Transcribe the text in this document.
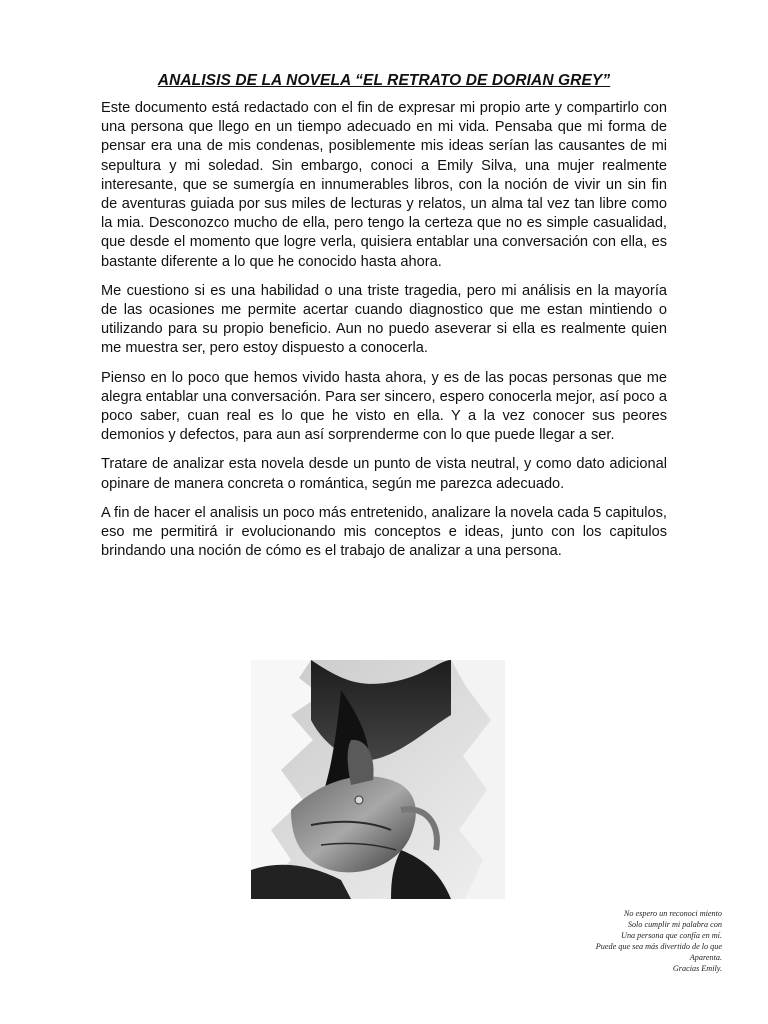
ANALISIS DE LA NOVELA “EL RETRATO DE DORIAN GREY”

Este documento está redactado con el fin de expresar mi propio arte y compartirlo con una persona que llego en un tiempo adecuado en mi vida. Pensaba que mi forma de pensar era una de mis condenas, posiblemente mis ideas serían las causantes de mi sepultura y mi soledad. Sin embargo, conoci a Emily Silva, una mujer realmente interesante, que se sumergía en innumerables libros, con la noción de vivir un sin fin de aventuras guiada por sus miles de lecturas y relatos, un alma tal vez tan libre como la mia. Desconozco mucho de ella, pero tengo la certeza que no es simple casualidad, que desde el momento que logre verla, quisiera entablar una conversación con ella, es bastante diferente a lo que he conocido hasta ahora.

Me cuestiono si es una habilidad o una triste tragedia, pero mi análisis en la mayoría de las ocasiones me permite acertar cuando diagnostico que me estan mintiendo o utilizando para su propio beneficio. Aun no puedo aseverar si ella es realmente quien me muestra ser, pero estoy dispuesto a conocerla.

Pienso en lo poco que hemos vivido hasta ahora, y es de las pocas personas que me alegra entablar una conversación. Para ser sincero, espero conocerla mejor, así poco a poco saber, cuan real es lo que he visto en ella. Y a la vez conocer sus peores demonios y defectos, para aun así sorprenderme con lo que puede llegar a ser.

Tratare de analizar esta novela desde un punto de vista neutral, y como dato adicional opinare de manera concreta o romántica, según me parezca adecuado.

A fin de hacer el analisis un poco más entretenido, analizare la novela cada 5 capitulos, eso me permitirá ir evolucionando mis conceptos e ideas, junto con los capitulos brindando una noción de cómo es el trabajo de analizar a una persona.

No espero un reconoci miento
Solo cumplir mi palabra con
Una persona que confía en mí.
Puede que sea más divertido de lo que
Aparenta.
Gracias Emily.
